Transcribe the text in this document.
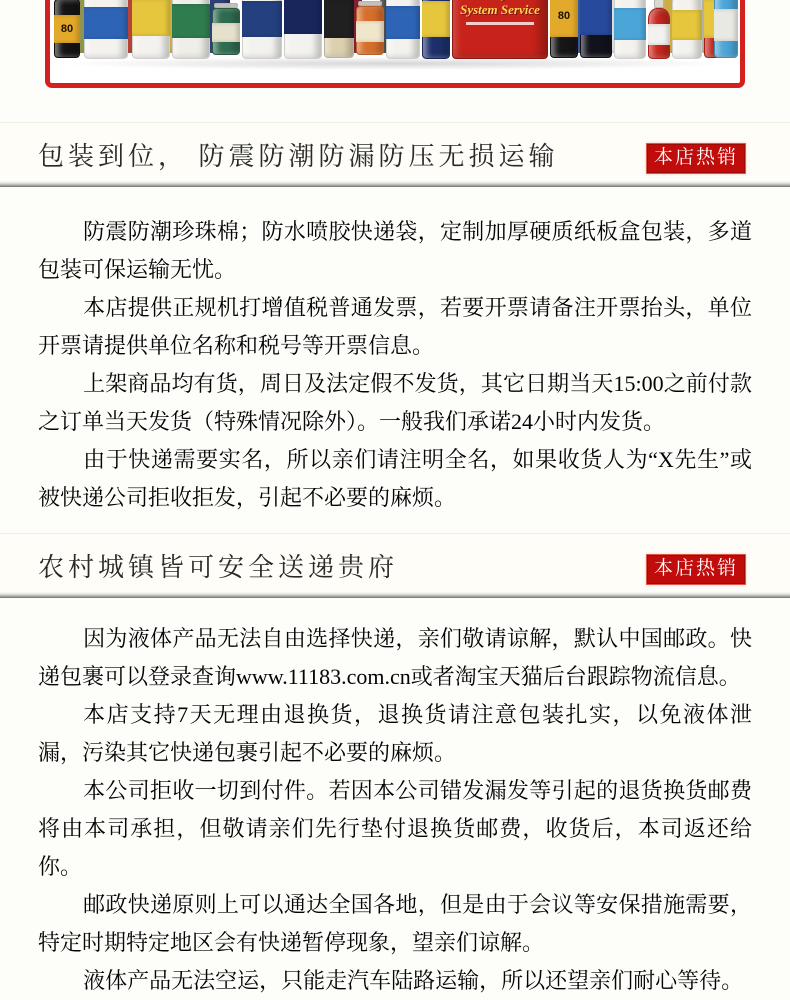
80
System Service	80
包装到位， 防震防潮防漏防压无损运输	本店热销

防震防潮珍珠棉；防水喷胶快递袋，定制加厚硬质纸板盒包装，多道包装可保运输无忧。

本店提供正规机打增值税普通发票，若要开票请备注开票抬头，单位开票请提供单位名称和税号等开票信息。

上架商品均有货，周日及法定假不发货，其它日期当天15:00之前付款之订单当天发货（特殊情况除外）。一般我们承诺24小时内发货。

由于快递需要实名，所以亲们请注明全名，如果收货人为“X先生”或被快递公司拒收拒发，引起不必要的麻烦。

农村城镇皆可安全送递贵府	本店热销

因为液体产品无法自由选择快递，亲们敬请谅解，默认中国邮政。快递包裹可以登录查询www.11183.com.cn或者淘宝天猫后台跟踪物流信息。

本店支持7天无理由退换货，退换货请注意包装扎实，以免液体泄漏，污染其它快递包裹引起不必要的麻烦。

本公司拒收一切到付件。若因本公司错发漏发等引起的退货换货邮费将由本司承担，但敬请亲们先行垫付退换货邮费，收货后，本司返还给你。

邮政快递原则上可以通达全国各地，但是由于会议等安保措施需要，特定时期特定地区会有快递暂停现象，望亲们谅解。

液体产品无法空运，只能走汽车陆路运输，所以还望亲们耐心等待。
